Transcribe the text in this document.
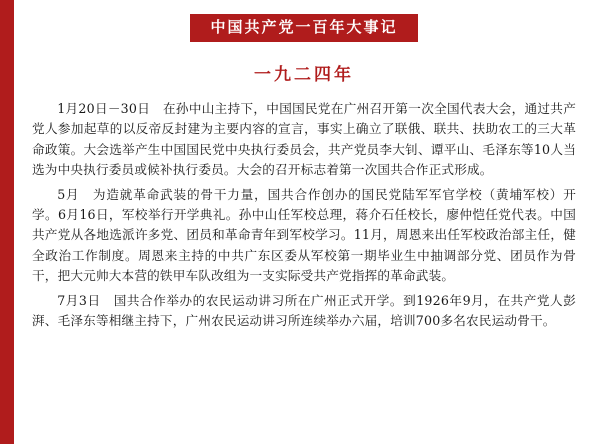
中国共产党一百年大事记
一九二四年

1月20日－30日　在孙中山主持下，中国国民党在广州召开第一次全国代表大会，通过共产党人参加起草的以反帝反封建为主要内容的宣言，事实上确立了联俄、联共、扶助农工的三大革命政策。大会选举产生中国国民党中央执行委员会，共产党员李大钊、谭平山、毛泽东等10人当选为中央执行委员或候补执行委员。大会的召开标志着第一次国共合作正式形成。

5月　为造就革命武装的骨干力量，国共合作创办的国民党陆军军官学校（黄埔军校）开学。6月16日，军校举行开学典礼。孙中山任军校总理，蒋介石任校长，廖仲恺任党代表。中国共产党从各地选派许多党、团员和革命青年到军校学习。11月，周恩来出任军校政治部主任，健全政治工作制度。周恩来主持的中共广东区委从军校第一期毕业生中抽调部分党、团员作为骨干，把大元帅大本营的铁甲车队改组为一支实际受共产党指挥的革命武装。

7月3日　国共合作举办的农民运动讲习所在广州正式开学。到1926年9月，在共产党人彭湃、毛泽东等相继主持下，广州农民运动讲习所连续举办六届，培训700多名农民运动骨干。
